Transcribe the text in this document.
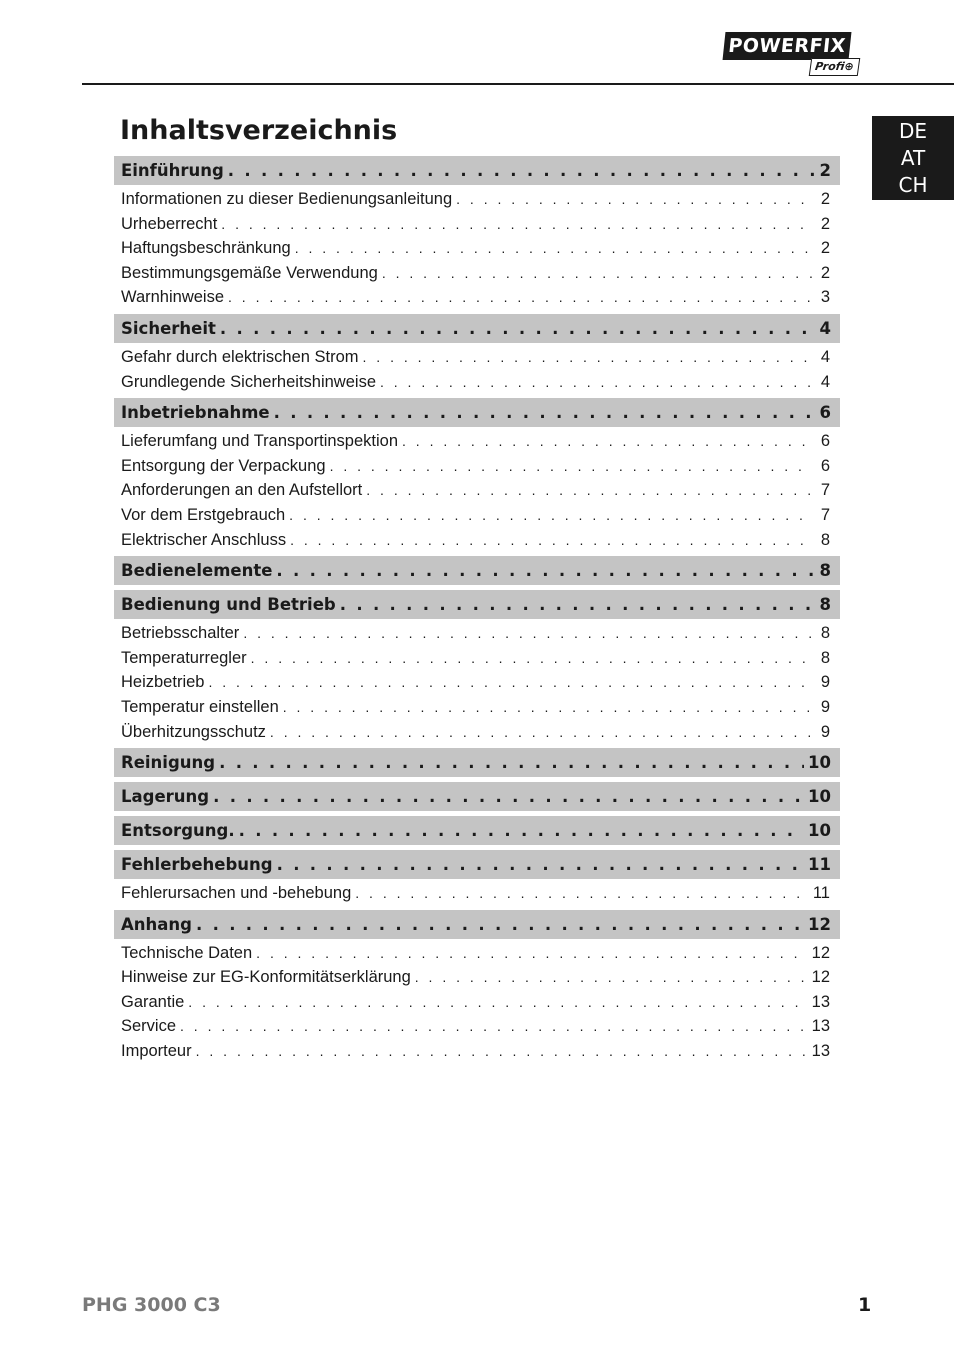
POWERFIX
Profi⊕
DE
AT
CH
Inhaltsverzeichnis
Einführung . . .	2
Informationen zu dieser Bedienungsanleitung . . .	2
Urheberrecht . . .	2
Haftungsbeschränkung . . .	2
Bestimmungsgemäße Verwendung . . .	2
Warnhinweise . . .	3
Sicherheit . . .	4
Gefahr durch elektrischen Strom . . .	4
Grundlegende Sicherheitshinweise . . .	4
Inbetriebnahme . . .	6
Lieferumfang und Transportinspektion . . .	6
Entsorgung der Verpackung . . .	6
Anforderungen an den Aufstellort . . .	7
Vor dem Erstgebrauch . . .	7
Elektrischer Anschluss . . .	8
Bedienelemente . . .	8
Bedienung und Betrieb . . .	8
Betriebsschalter . . .	8
Temperaturregler . . .	8
Heizbetrieb . . .	9
Temperatur einstellen . . .	9
Überhitzungsschutz . . .	9
Reinigung . . .	10
Lagerung . . .	10
Entsorgung. . . .	10
Fehlerbehebung . . .	11
Fehlerursachen und -behebung . . .	11
Anhang . . .	12
Technische Daten . . .	12
Hinweise zur EG-Konformitätserklärung . . .	12
Garantie . . .	13
Service . . .	13
Importeur . . .	13
PHG 3000 C3	1
